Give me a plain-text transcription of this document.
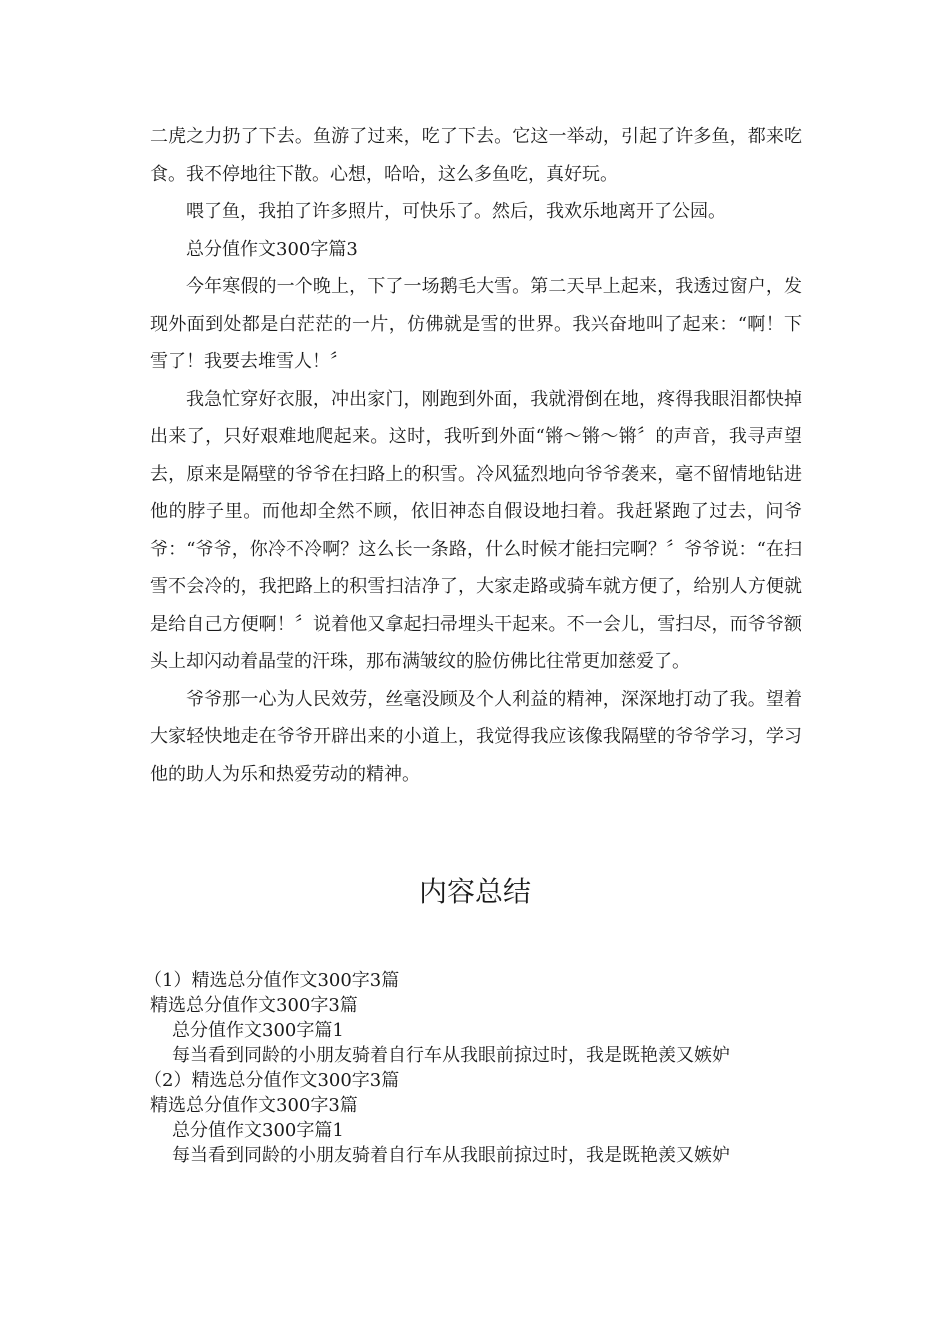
二虎之力扔了下去。鱼游了过来，吃了下去。它这一举动，引起了许多鱼，都来吃食。我不停地往下散。心想，哈哈，这么多鱼吃，真好玩。

喂了鱼，我拍了许多照片，可快乐了。然后，我欢乐地离开了公园。

总分值作文300字篇3

今年寒假的一个晚上，下了一场鹅毛大雪。第二天早上起来，我透过窗户，发现外面到处都是白茫茫的一片，仿佛就是雪的世界。我兴奋地叫了起来：“啊！下雪了！我要去堆雪人！〞

我急忙穿好衣服，冲出家门，刚跑到外面，我就滑倒在地，疼得我眼泪都快掉出来了，只好艰难地爬起来。这时，我听到外面“锵〜锵〜锵〞的声音，我寻声望去，原来是隔壁的爷爷在扫路上的积雪。冷风猛烈地向爷爷袭来，毫不留情地钻进他的脖子里。而他却全然不顾，依旧神态自假设地扫着。我赶紧跑了过去，问爷爷：“爷爷，你冷不冷啊？这么长一条路，什么时候才能扫完啊？〞爷爷说：“在扫雪不会冷的，我把路上的积雪扫洁净了，大家走路或骑车就方便了，给别人方便就是给自己方便啊！〞说着他又拿起扫帚埋头干起来。不一会儿，雪扫尽，而爷爷额头上却闪动着晶莹的汗珠，那布满皱纹的脸仿佛比往常更加慈爱了。

爷爷那一心为人民效劳，丝毫没顾及个人利益的精神，深深地打动了我。望着大家轻快地走在爷爷开辟出来的小道上，我觉得我应该像我隔壁的爷爷学习，学习他的助人为乐和热爱劳动的精神。

内容总结

（1）精选总分值作文300字3篇

精选总分值作文300字3篇

总分值作文300字篇1

每当看到同龄的小朋友骑着自行车从我眼前掠过时，我是既艳羡又嫉妒

（2）精选总分值作文300字3篇

精选总分值作文300字3篇

总分值作文300字篇1

每当看到同龄的小朋友骑着自行车从我眼前掠过时，我是既艳羡又嫉妒
